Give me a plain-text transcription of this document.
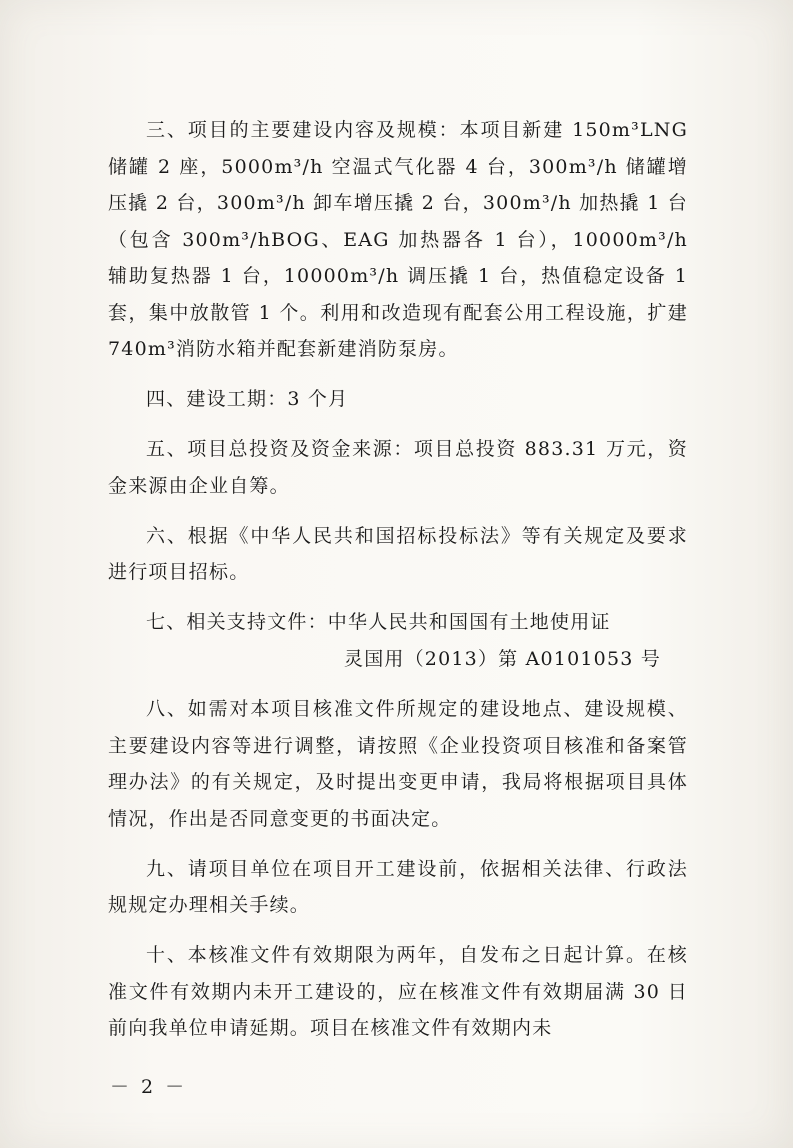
三、项目的主要建设内容及规模：本项目新建 150m³LNG 储罐 2 座，5000m³/h 空温式气化器 4 台，300m³/h 储罐增压撬 2 台，300m³/h 卸车增压撬 2 台，300m³/h 加热撬 1 台（包含 300m³/hBOG、EAG 加热器各 1 台），10000m³/h 辅助复热器 1 台，10000m³/h 调压撬 1 台，热值稳定设备 1 套，集中放散管 1 个。利用和改造现有配套公用工程设施，扩建 740m³消防水箱并配套新建消防泵房。

四、建设工期：3 个月

五、项目总投资及资金来源：项目总投资 883.31 万元，资金来源由企业自筹。

六、根据《中华人民共和国招标投标法》等有关规定及要求进行项目招标。

七、相关支持文件：中华人民共和国国有土地使用证

灵国用（2013）第 A0101053 号

八、如需对本项目核准文件所规定的建设地点、建设规模、主要建设内容等进行调整，请按照《企业投资项目核准和备案管理办法》的有关规定，及时提出变更申请，我局将根据项目具体情况，作出是否同意变更的书面决定。

九、请项目单位在项目开工建设前，依据相关法律、行政法规规定办理相关手续。

十、本核准文件有效期限为两年，自发布之日起计算。在核准文件有效期内未开工建设的，应在核准文件有效期届满 30 日前向我单位申请延期。项目在核准文件有效期内未

－ 2 －
